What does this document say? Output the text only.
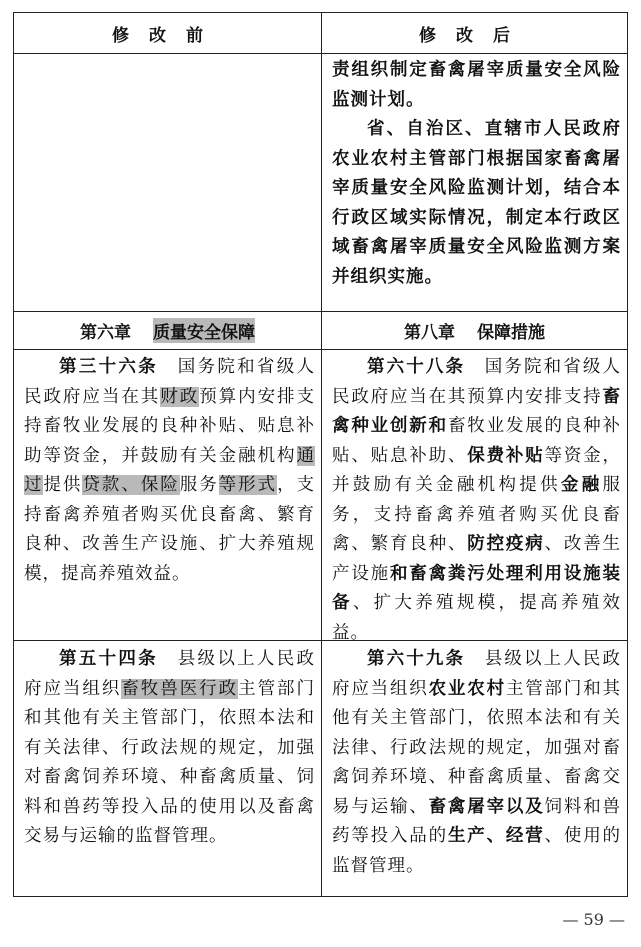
修改前	修改后

责组织制定畜禽屠宰质量安全风险监测计划。

省、自治区、直辖市人民政府农业农村主管部门根据国家畜禽屠宰质量安全风险监测计划，结合本行政区域实际情况，制定本行政区域畜禽屠宰质量安全风险监测方案并组织实施。

第六章 质量安全保障	第八章 保障措施

第三十六条　 国务院和省级人民政府应当在其财政预算内安排支持畜牧业发展的良种补贴、贴息补助等资金，并鼓励有关金融机构通过提供贷款、保险服务等形式，支持畜禽养殖者购买优良畜禽、繁育良种、改善生产设施、扩大养殖规模，提高养殖效益。

第六十八条　 国务院和省级人民政府应当在其预算内安排支持畜禽种业创新和畜牧业发展的良种补贴、贴息补助、保费补贴等资金，并鼓励有关金融机构提供金融服务，支持畜禽养殖者购买优良畜禽、繁育良种、防控疫病、改善生产设施和畜禽粪污处理利用设施装备、扩大养殖规模，提高养殖效益。

第五十四条　 县级以上人民政府应当组织畜牧兽医行政主管部门和其他有关主管部门，依照本法和有关法律、行政法规的规定，加强对畜禽饲养环境、种畜禽质量、饲料和兽药等投入品的使用以及畜禽交易与运输的监督管理。

第六十九条　 县级以上人民政府应当组织农业农村主管部门和其他有关主管部门，依照本法和有关法律、行政法规的规定，加强对畜禽饲养环境、种畜禽质量、畜禽交易与运输、畜禽屠宰以及饲料和兽药等投入品的生产、经营、使用的监督管理。

— 59 —
